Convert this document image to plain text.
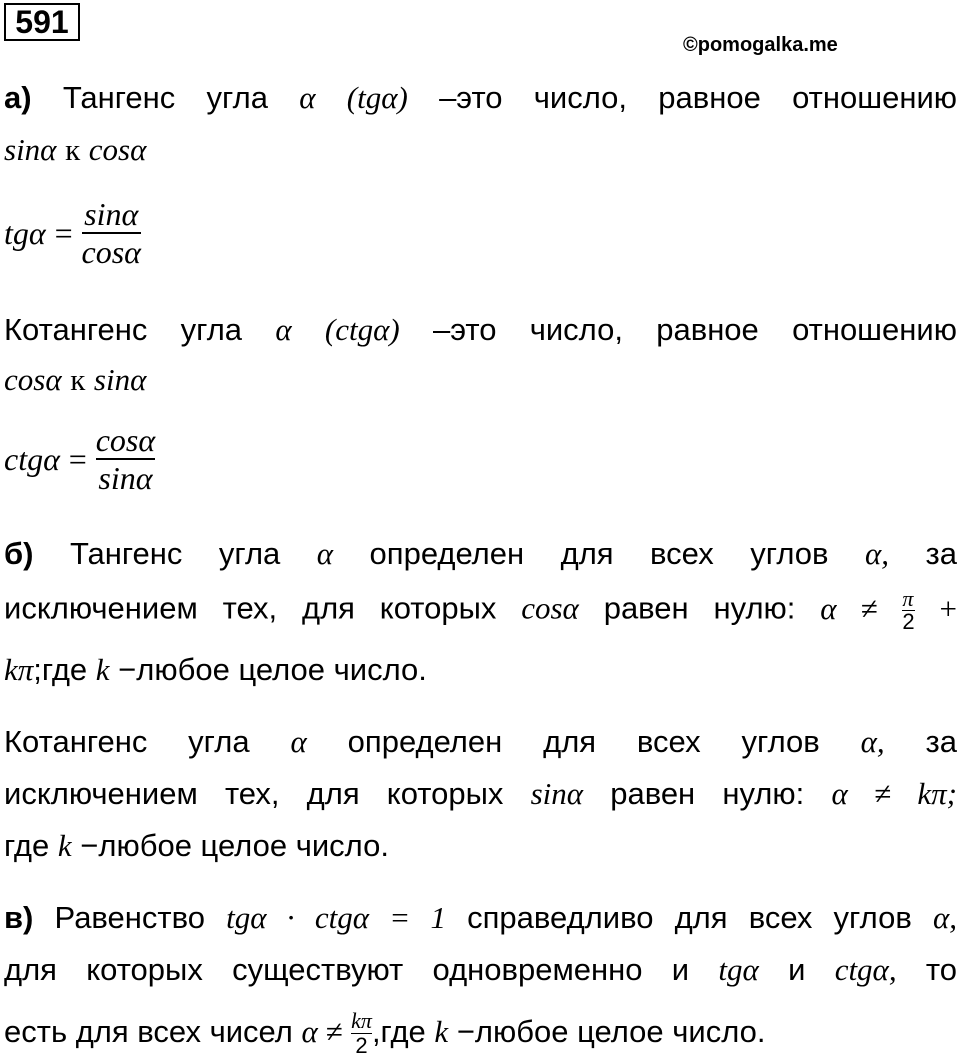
591
©pomogalka.me
а) Тангенс угла α (tgα) –это число, равное отношению
sinα к cosα
$tg\alpha = \frac{\sin\alpha}{\cos\alpha}$
Котангенс угла α (ctgα) –это число, равное отношению
cosα к sinα
$ctg\alpha = \frac{\cos\alpha}{\sin\alpha}$
б) Тангенс угла α определен для всех углов α, за
исключением тех, для которых cosα равен нулю: $\alpha \ne \frac{\pi}{2}$ +
kπ;где k −любое целое число.
Котангенс угла α определен для всех углов α, за
исключением тех, для которых sinα равен нулю: α ≠ kπ;
где k −любое целое число.
в) Равенство tgα · ctgα = 1 справедливо для всех углов α,
для которых существуют одновременно и tgα и ctgα, то
есть для всех чисел $\alpha \ne \frac{k\pi}{2} ,где$ k −любое целое число.
